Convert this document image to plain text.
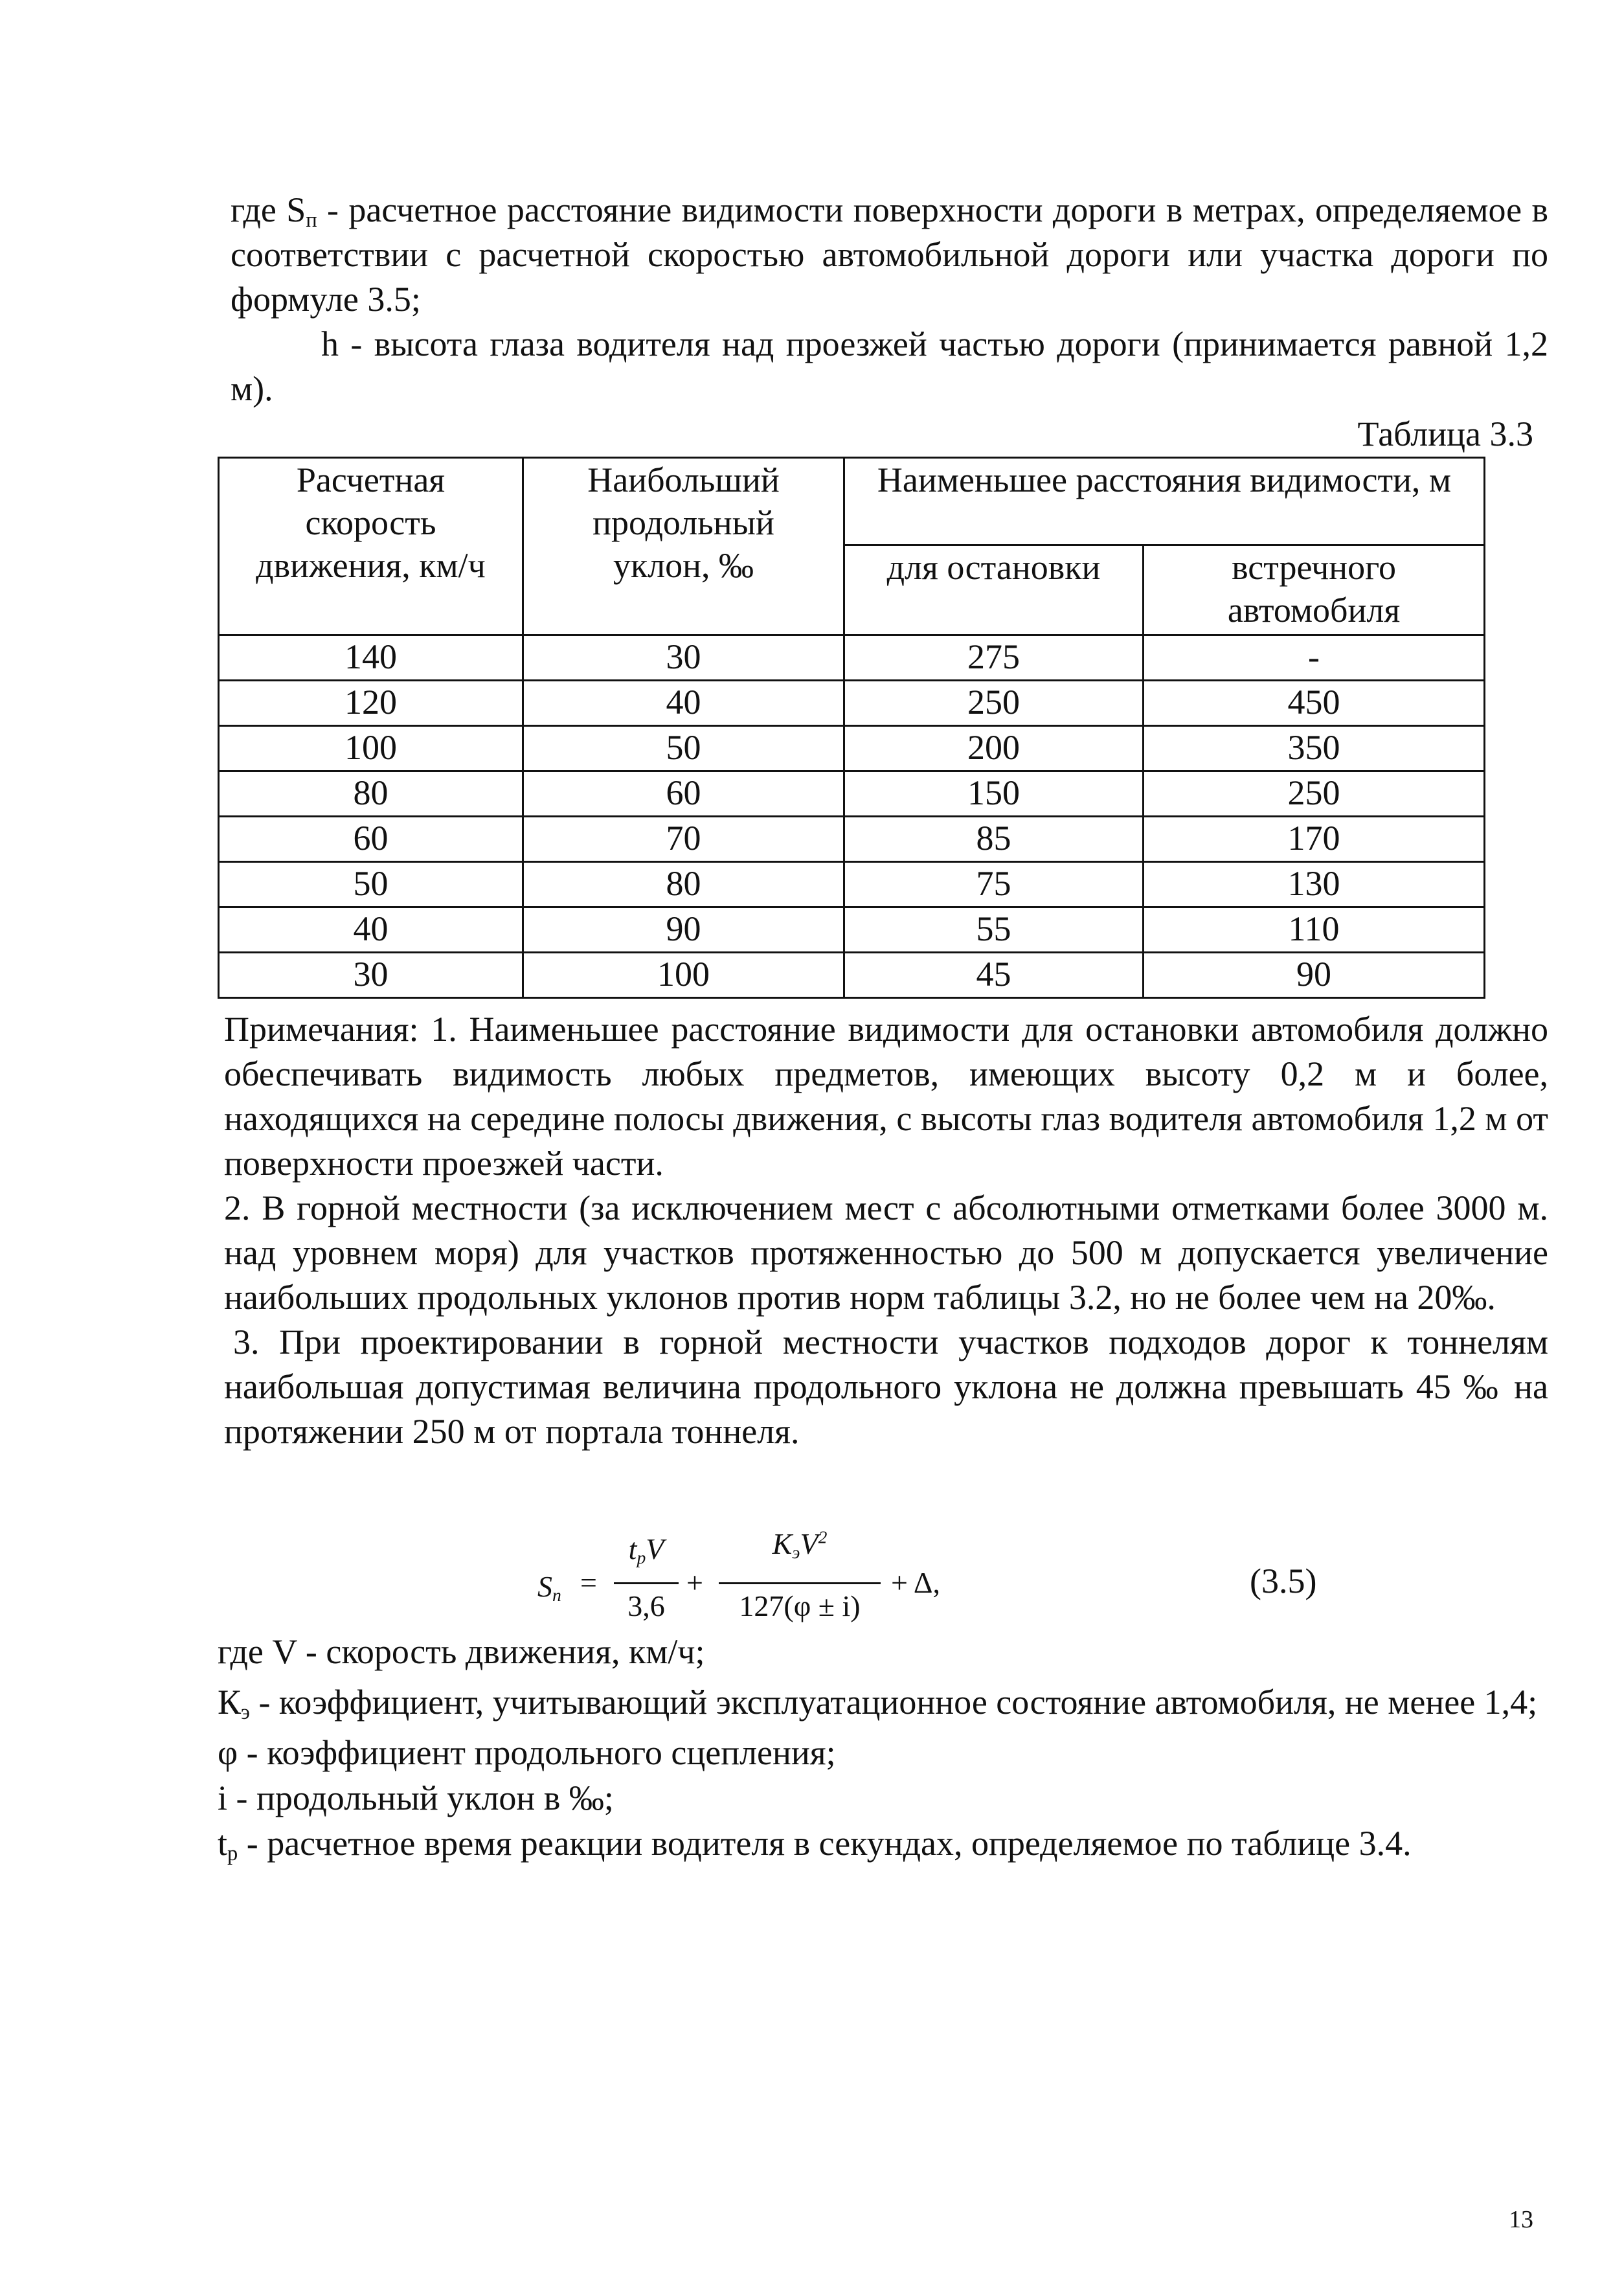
где $S_п$ - расчетное расстояние видимости поверхности дороги в метрах, определяемое в соответствии с расчетной скоростью автомобильной дороги или участка дороги по формуле 3.5;

h - высота глаза водителя над проезжей частью дороги (принимается равной 1,2 м).

Таблица 3.3
Расчетная скорость движения, км/ч	Наибольший продольный уклон, ‰	Наименьшее расстояния видимости, м	
		для остановки	встречного автомобиля
140	30	275	-
120	40	250	450
100	50	200	350
80	60	150	250
60	70	85	170
50	80	75	130
40	90	55	110
30	100	45	90

Примечания: 1. Наименьшее расстояние видимости для остановки автомобиля должно обеспечивать видимость любых предметов, имеющих высоту 0,2 м и более, находящихся на середине полосы движения, с высоты глаз водителя автомобиля 1,2 м от поверхности проезжей части.

2. В горной местности (за исключением мест с абсолютными отметками более 3000 м. над уровнем моря) для участков протяженностью до 500 м допускается увеличение наибольших продольных уклонов против норм таблицы 3.2, но не более чем на 20‰.

3. При проектировании в горной местности участков подходов дорог к тоннелям наибольшая допустимая величина продольного уклона не должна превышать 45 ‰ на протяжении 250 м от портала тоннеля.

$S_n$ =
$t_pV$
3,6
+
$K_эV^2$
127(φ ± i)
+ Δ,	(3.5)

где V - скорость движения, км/ч;

$К_э$ - коэффициент, учитывающий эксплуатационное состояние автомобиля, не менее 1,4;

φ - коэффициент продольного сцепления;

i - продольный уклон в ‰;

$t_p$ - расчетное время реакции водителя в секундах, определяемое по таблице 3.4.

13
